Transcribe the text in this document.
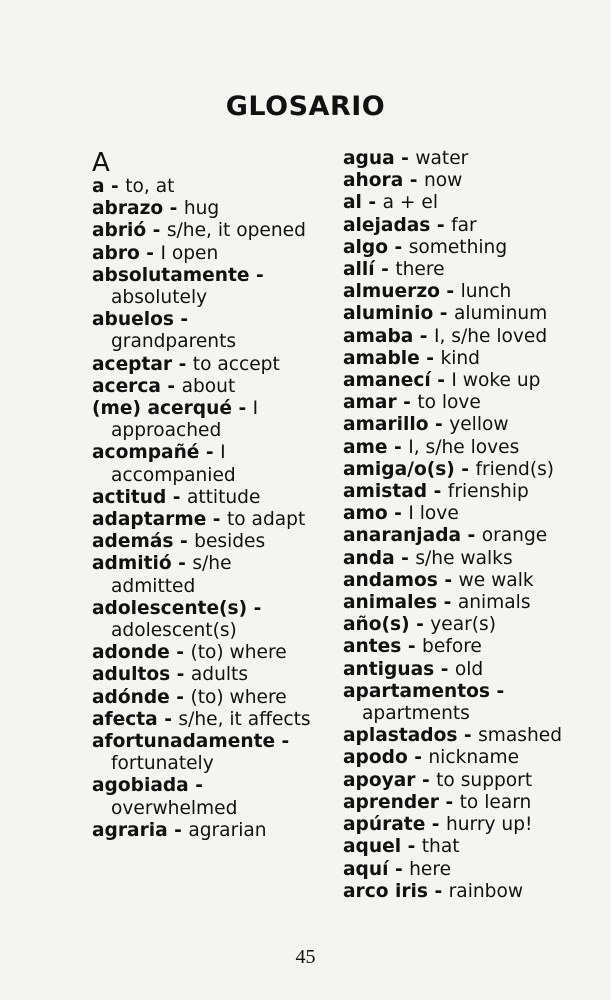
GLOSARIO
A
a - to, at
abrazo - hug
abrió - s/he, it opened
abro - I open
absolutamente - absolutely
abuelos - grandparents
aceptar - to accept
acerca - about
(me) acerqué - I approached
acompañé - I accompanied
actitud - attitude
adaptarme - to adapt
además - besides
admitió - s/he admitted
adolescente(s) - adolescent(s)
adonde - (to) where
adultos - adults
adónde - (to) where
afecta - s/he, it affects
afortunadamente - fortunately
agobiada - overwhelmed
agraria - agrarian
agua - water
ahora - now
al - a + el
alejadas - far
algo - something
allí - there
almuerzo - lunch
aluminio - aluminum
amaba - I, s/he loved
amable - kind
amanecí - I woke up
amar - to love
amarillo - yellow
ame - I, s/he loves
amiga/o(s) - friend(s)
amistad - frienship
amo - I love
anaranjada - orange
anda - s/he walks
andamos - we walk
animales - animals
año(s) - year(s)
antes - before
antiguas - old
apartamentos - apartments
aplastados - smashed
apodo - nickname
apoyar - to support
aprender - to learn
apúrate - hurry up!
aquel - that
aquí - here
arco iris - rainbow
45
